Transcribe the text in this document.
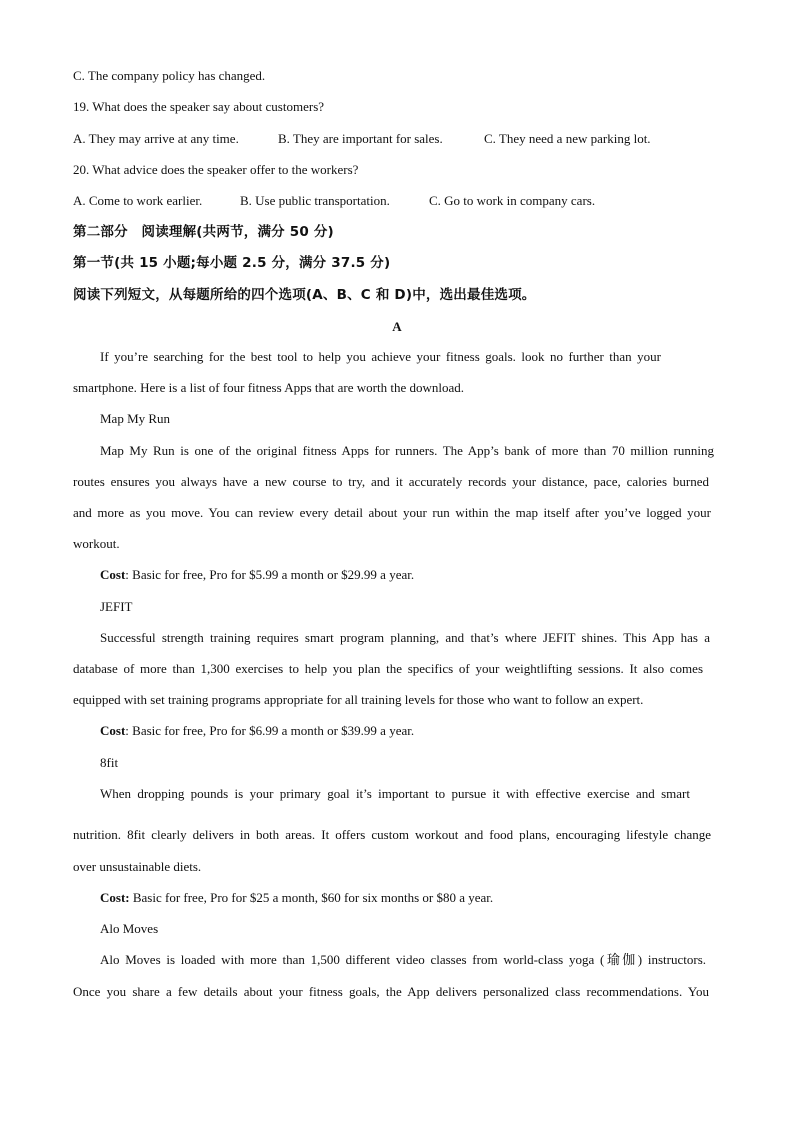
C. The company policy has changed.
19. What does the speaker say about customers?
A. They may arrive at any time.	B. They are important for sales.	C. They need a new parking lot.
20. What advice does the speaker offer to the workers?
A. Come to work earlier.	B. Use public transportation.	C. Go to work in company cars.
第二部分　阅读理解(共两节，满分 50 分)
第一节(共 15 小题;每小题 2.5 分，满分 37.5 分)
阅读下列短文，从每题所给的四个选项(A、B、C 和 D)中，选出最佳选项。
A
If you’re searching for the best tool to help you achieve your fitness goals. look no further than your
smartphone. Here is a list of four fitness Apps that are worth the download.
Map My Run
Map My Run is one of the original fitness Apps for runners. The App’s bank of more than 70 million running
routes ensures you always have a new course to try, and it accurately records your distance, pace, calories burned
and more as you move. You can review every detail about your run within the map itself after you’ve logged your
workout.
Cost: Basic for free, Pro for $5.99 a month or $29.99 a year.
JEFIT
Successful strength training requires smart program planning, and that’s where JEFIT shines. This App has a
database of more than 1,300 exercises to help you plan the specifics of your weightlifting sessions. It also comes
equipped with set training programs appropriate for all training levels for those who want to follow an expert.
Cost: Basic for free, Pro for $6.99 a month or $39.99 a year.
8fit
When dropping pounds is your primary goal it’s important to pursue it with effective exercise and smart
nutrition. 8fit clearly delivers in both areas. It offers custom workout and food plans, encouraging lifestyle change
over unsustainable diets.
Cost: Basic for free, Pro for $25 a month, $60 for six months or $80 a year.
Alo Moves
Alo Moves is loaded with more than 1,500 different video classes from world-class yoga (瑜伽) instructors.
Once you share a few details about your fitness goals, the App delivers personalized class recommendations. You
